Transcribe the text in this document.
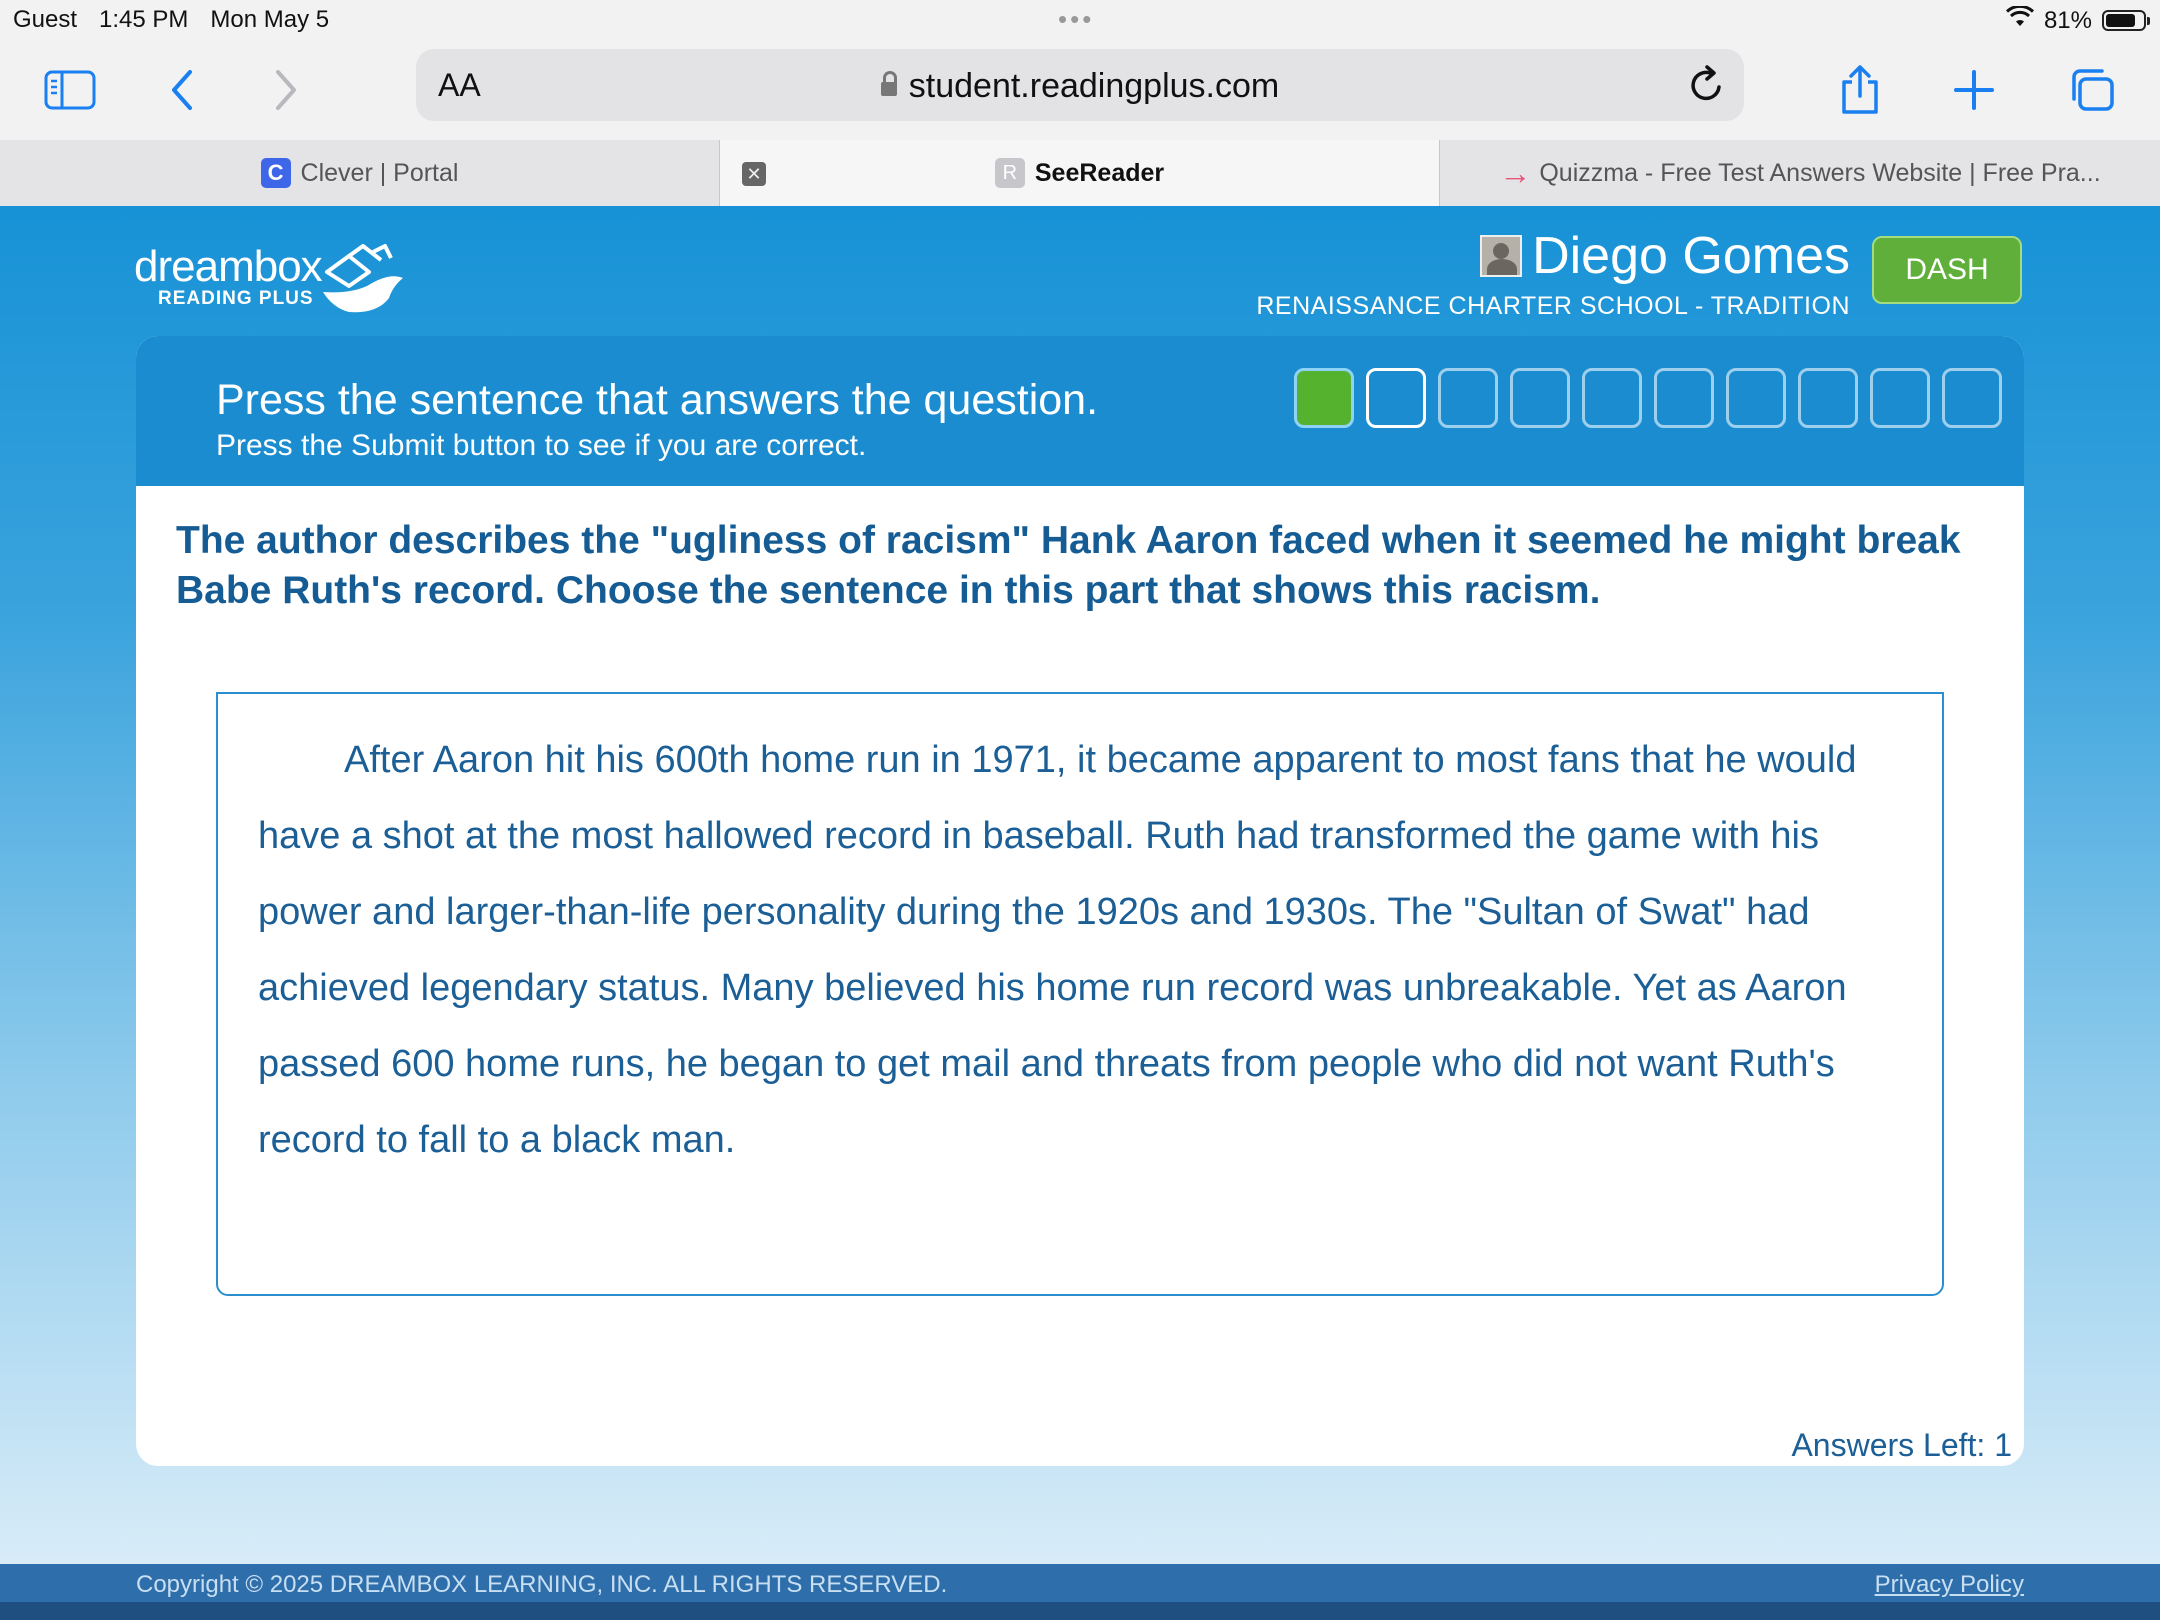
Guest 1:45 PM Mon May 5	•••	81%
AA	student.readingplus.com
C Clever | Portal	✕	R SeeReader	→ Quizzma - Free Test Answers Website | Free Pra...
dreambox
READING PLUS
Diego Gomes
RENAISSANCE CHARTER SCHOOL - TRADITION
DASH
Press the sentence that answers the question.
Press the Submit button to see if you are correct.
The author describes the "ugliness of racism" Hank Aaron faced when it seemed he might break Babe Ruth's record. Choose the sentence in this part that shows this racism.

After Aaron hit his 600th home run in 1971, it became apparent to most fans that he would have a shot at the most hallowed record in baseball. Ruth had transformed the game with his power and larger-than-life personality during the 1920s and 1930s. The "Sultan of Swat" had achieved legendary status. Many believed his home run record was unbreakable. Yet as Aaron passed 600 home runs, he began to get mail and threats from people who did not want Ruth's record to fall to a black man.

Answers Left: 1
Copyright © 2025 DREAMBOX LEARNING, INC. ALL RIGHTS RESERVED.	Privacy Policy
